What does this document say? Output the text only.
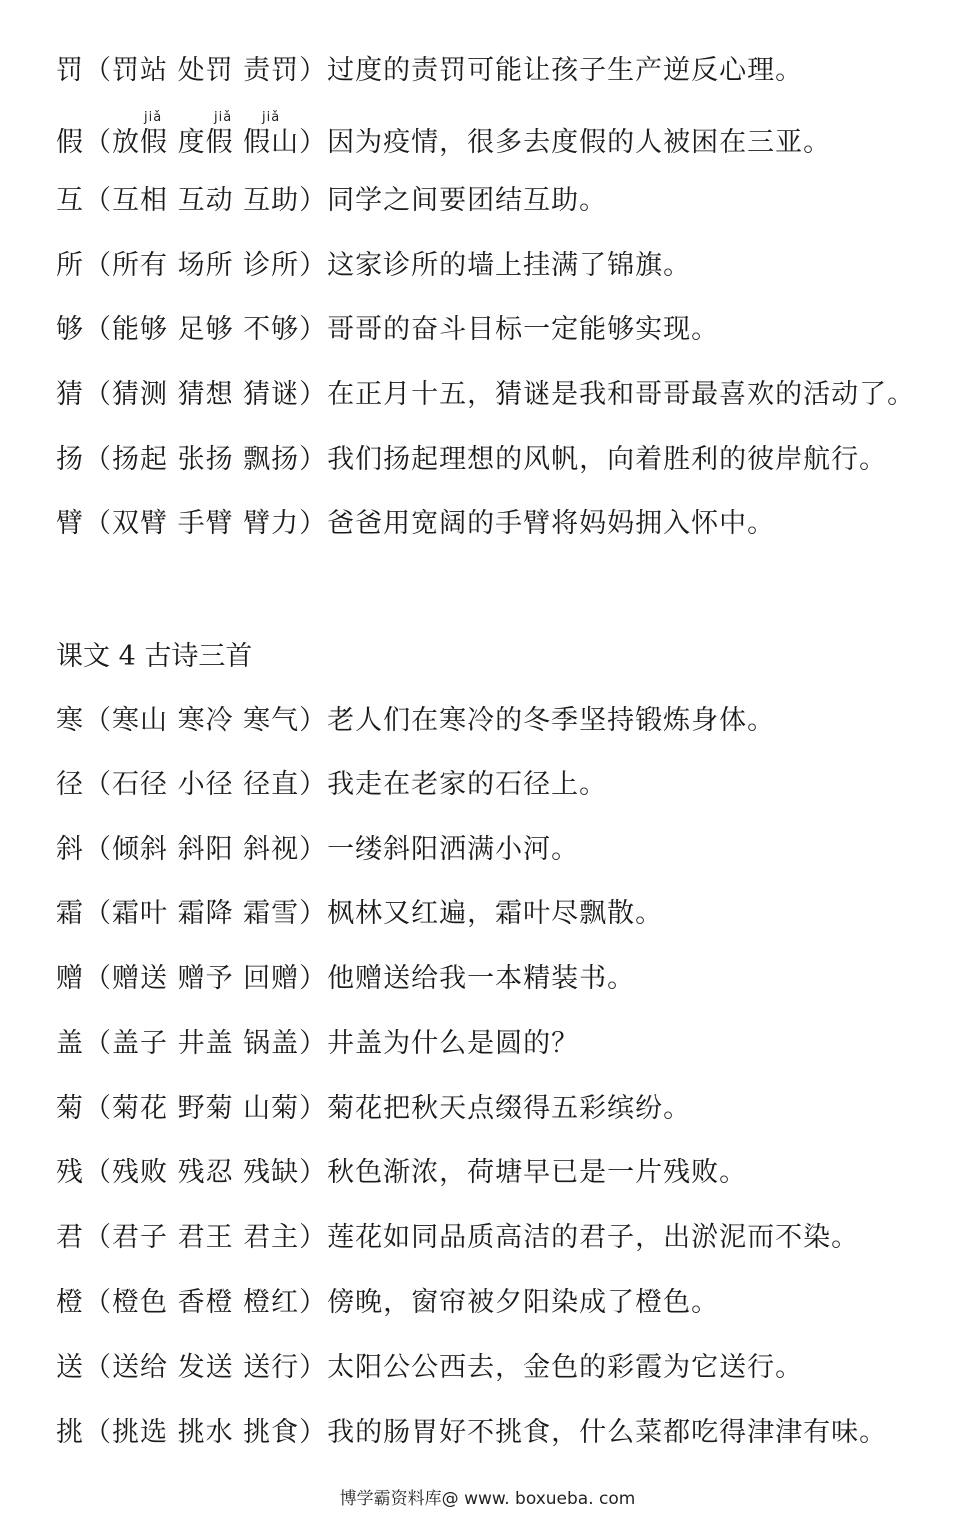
jiǎ	jiǎ jiǎ
罚（罚站 处罚 责罚）过度的责罚可能让孩子生产逆反心理。
假（放假 度假 假山）因为疫情，很多去度假的人被困在三亚。
互（互相 互动 互助）同学之间要团结互助。
所（所有 场所 诊所）这家诊所的墙上挂满了锦旗。
够（能够 足够 不够）哥哥的奋斗目标一定能够实现。
猜（猜测 猜想 猜谜）在正月十五，猜谜是我和哥哥最喜欢的活动了。
扬（扬起 张扬 飘扬）我们扬起理想的风帆，向着胜利的彼岸航行。
臂（双臂 手臂 臂力）爸爸用宽阔的手臂将妈妈拥入怀中。
课文 4 古诗三首
寒（寒山 寒冷 寒气）老人们在寒冷的冬季坚持锻炼身体。
径（石径 小径 径直）我走在老家的石径上。
斜（倾斜 斜阳 斜视）一缕斜阳洒满小河。
霜（霜叶 霜降 霜雪）枫林又红遍，霜叶尽飘散。
赠（赠送 赠予 回赠）他赠送给我一本精装书。
盖（盖子 井盖 锅盖）井盖为什么是圆的？
菊（菊花 野菊 山菊）菊花把秋天点缀得五彩缤纷。
残（残败 残忍 残缺）秋色渐浓，荷塘早已是一片残败。
君（君子 君王 君主）莲花如同品质高洁的君子，出淤泥而不染。
橙（橙色 香橙 橙红）傍晚，窗帘被夕阳染成了橙色。
送（送给 发送 送行）太阳公公西去，金色的彩霞为它送行。
挑（挑选 挑水 挑食）我的肠胃好不挑食，什么菜都吃得津津有味。
博学霸资料库@ www. boxueba. com
